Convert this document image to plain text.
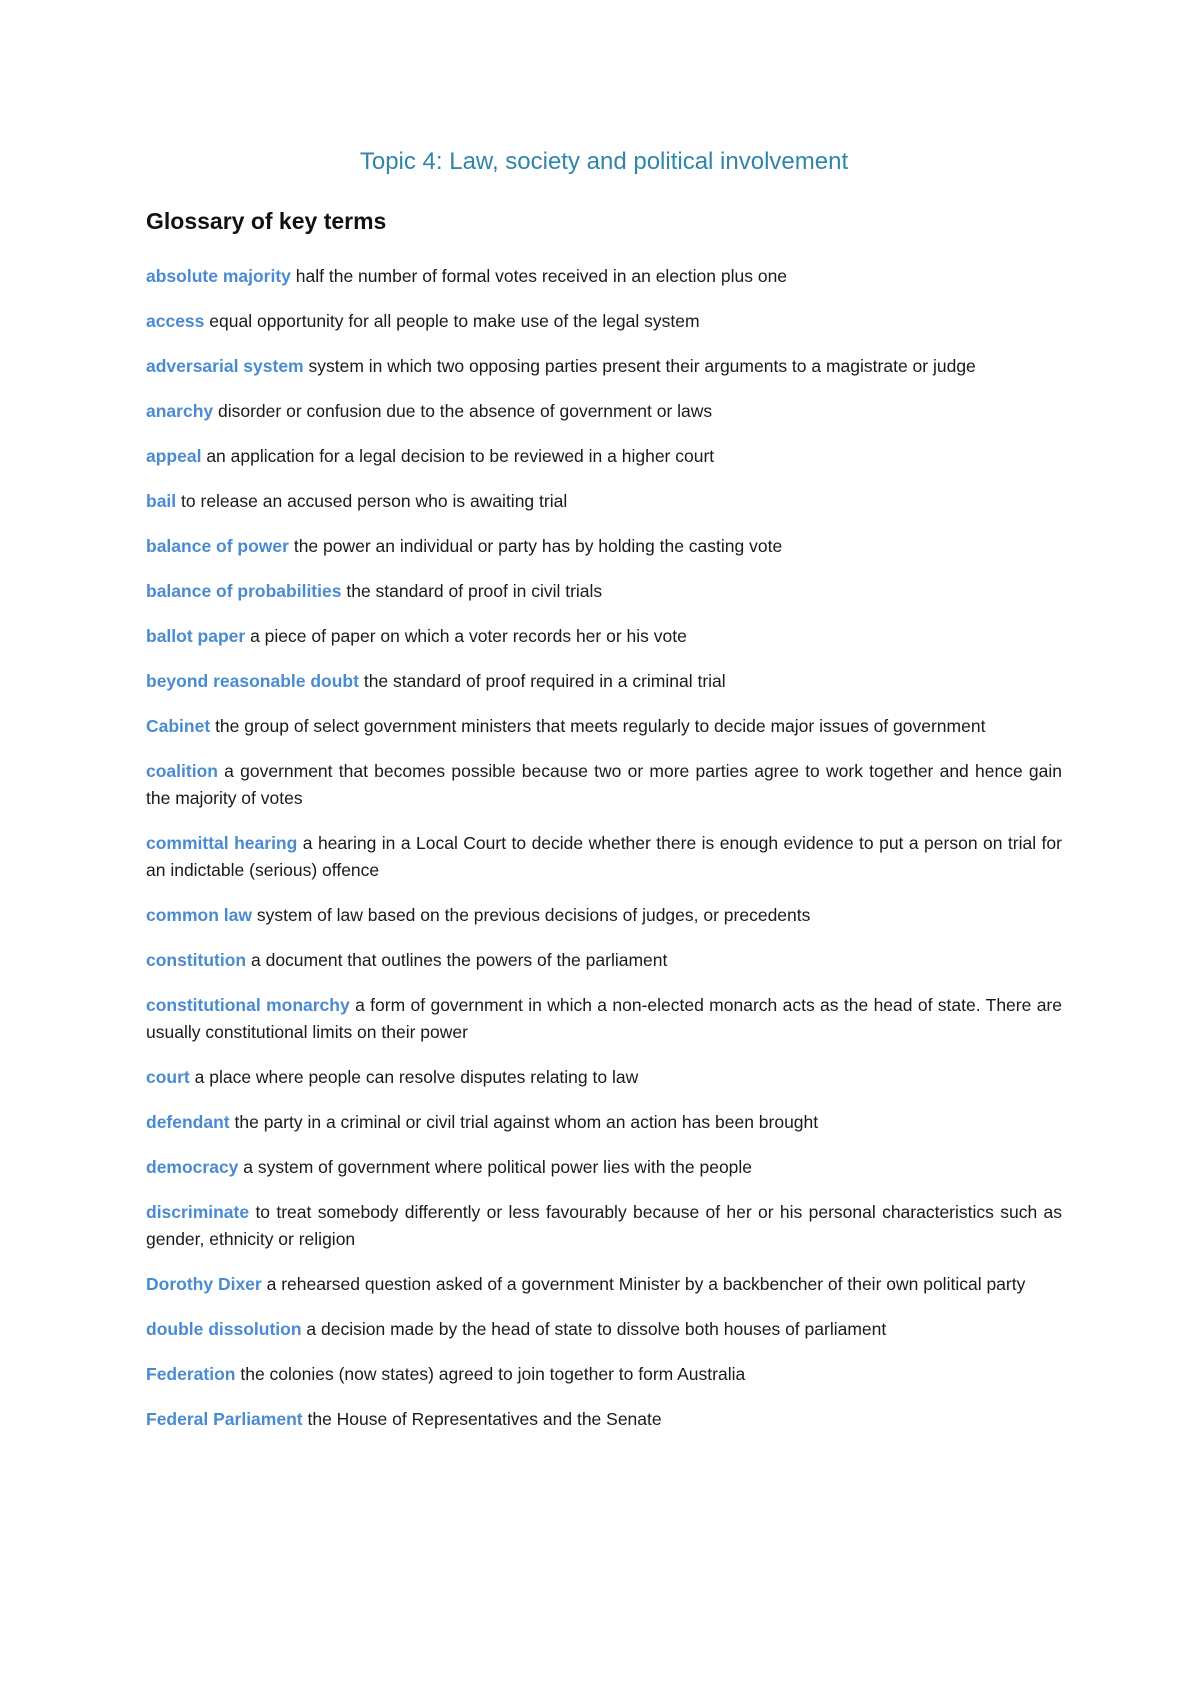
Topic 4: Law, society and political involvement
Glossary of key terms
absolute majority half the number of formal votes received in an election plus one
access equal opportunity for all people to make use of the legal system
adversarial system system in which two opposing parties present their arguments to a magistrate or judge
anarchy disorder or confusion due to the absence of government or laws
appeal an application for a legal decision to be reviewed in a higher court
bail to release an accused person who is awaiting trial
balance of power the power an individual or party has by holding the casting vote
balance of probabilities the standard of proof in civil trials
ballot paper a piece of paper on which a voter records her or his vote
beyond reasonable doubt the standard of proof required in a criminal trial
Cabinet the group of select government ministers that meets regularly to decide major issues of government
coalition a government that becomes possible because two or more parties agree to work together and hence gain the majority of votes
committal hearing a hearing in a Local Court to decide whether there is enough evidence to put a person on trial for an indictable (serious) offence
common law system of law based on the previous decisions of judges, or precedents
constitution a document that outlines the powers of the parliament
constitutional monarchy a form of government in which a non-elected monarch acts as the head of state. There are usually constitutional limits on their power
court a place where people can resolve disputes relating to law
defendant the party in a criminal or civil trial against whom an action has been brought
democracy a system of government where political power lies with the people
discriminate to treat somebody differently or less favourably because of her or his personal characteristics such as gender, ethnicity or religion
Dorothy Dixer a rehearsed question asked of a government Minister by a backbencher of their own political party
double dissolution a decision made by the head of state to dissolve both houses of parliament
Federation the colonies (now states) agreed to join together to form Australia
Federal Parliament the House of Representatives and the Senate
